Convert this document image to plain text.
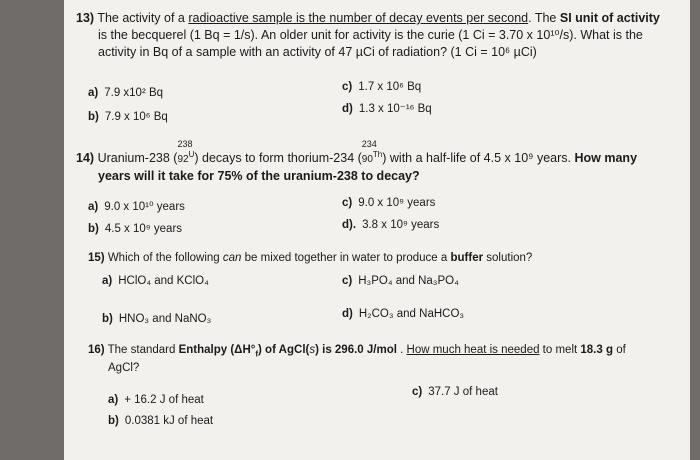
13) The activity of a radioactive sample is the number of decay events per second. The SI unit of activity
is the becquerel (1 Bq = 1/s). An older unit for activity is the curie (1 Ci = 3.70 x 10¹⁰/s). What is the
activity in Bq of a sample with an activity of 47 µCi of radiation? (1 Ci = 10⁶ µCi)
a) 7.9 x10² Bq
b) 7.9 x 10⁶ Bq
c) 1.7 x 10⁶ Bq
d) 1.3 x 10⁻¹⁶ Bq
14) Uranium-238 (
238
$92^U$) decays to form thorium-234 (
234
90Th) with a half-life of 4.5 x 10⁹ years. How many
years will it take for 75% of the uranium-238 to decay?
a) 9.0 x 10¹⁰ years
b) 4.5 x 10⁹ years
c) 9.0 x 10⁹ years
d). 3.8 x 10⁹ years
15) Which of the following can be mixed together in water to produce a buffer solution?
a) HClO₄ and KClO₄
b) HNO₃ and NaNO₃
c) H₃PO₄ and Na₃PO₄
d) H₂CO₃ and NaHCO₃
16) The standard Enthalpy $(\Delta H^\circ_f)$ of AgCl(s) is 296.0 J/mol . How much heat is needed to melt 18.3 g of
AgCl?
a) + 16.2 J of heat
b) 0.0381 kJ of heat
c) 37.7 J of heat
